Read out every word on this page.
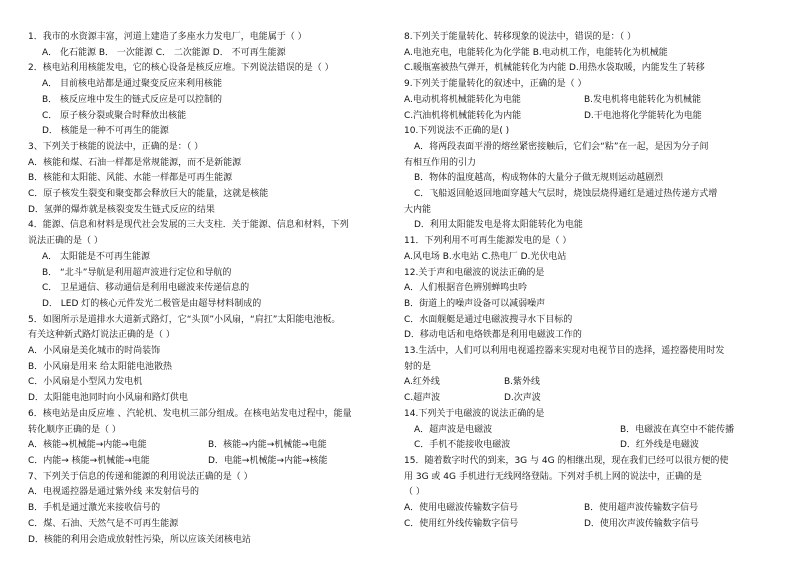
1．我市的水资源丰富，河道上建造了多座水力发电厂，电能属于（ ）
A． 化石能源 B． 一次能源 C． 二次能源 D． 不可再生能源
2．核电站利用核能发电，它的核心设备是核反应堆。下列说法错误的是（ ）
A． 目前核电站都是通过聚变反应来利用核能
B． 核反应堆中发生的链式反应是可以控制的
C． 原子核分裂或聚合时释放出核能
D． 核能是一种不可再生的能源
3、下列关于核能的说法中，正确的是：（ ）
A．核能和煤、石油一样都是常规能源，而不是新能源
B．核能和太阳能、风能、水能一样都是可再生能源
C．原子核发生裂变和聚变都会释放巨大的能量，这就是核能
D．氢弹的爆炸就是核裂变发生链式反应的结果
4．能源、信息和材料是现代社会发展的三大支柱．关于能源、信息和材料，下列
说法正确的是（ ）
A． 太阳能是不可再生能源
B． “北斗”导航是利用超声波进行定位和导航的
C． 卫星通信、移动通信是利用电磁波来传递信息的
D． LED 灯的核心元件发光二极管是由超导材料制成的
5．如图所示是道排水大道新式路灯，它“头顶”小风扇，“肩扛”太阳能电池板。
有关这种新式路灯说法正确的是（ ）
A．小风扇是美化城市的时尚装饰
B．小风扇是用来 给太阳能电池散热
C．小风扇是小型风力发电机
D．太阳能电池同时向小风扇和路灯供电
6．核电站是由反应堆 、汽轮机、发电机三部分组成。在核电站发电过程中，能量
转化顺序正确的是（ ）
A．核能→机械能→内能→电能	B．核能→内能→机械能→电能
C．内能→ 核能→机械能→电能	D．电能→机械能→内能→核能
7、下列关于信息的传递和能源的利用说法正确的是（ ）
A．电视遥控器是通过紫外线 来发射信号的
B．手机是通过激光来接收信号的
C．煤、石油、天然气是不可再生能源
D．核能的利用会造成放射性污染，所以应该关闭核电站
8.下列关于能量转化、转移现象的说法中，错误的是：（ ）
A.电池充电，电能转化为化学能 B.电动机工作，电能转化为机械能
C.暖瓶塞被热气弹开，机械能转化为内能 D.用热水袋取暖，内能发生了转移
9.下列关于能量转化的叙述中，正确的是（ ）
A.电动机将机械能转化为电能	B.发电机将电能转化为机械能
C.汽油机将机械能转化为内能	D.干电池将化学能转化为电能
10.下列说法不正确的是( )
A．将两段表面平滑的熔丝紧密接触后，它们会“粘”在一起，是因为分子间
有相互作用的引力
B．物体的温度越高，构成物体的大量分子做无规则运动越剧烈
C．飞船返回舱返回地面穿越大气层时，烧蚀层烧得通红是通过热传递方式增
大内能
D．利用太阳能发电是将太阳能转化为电能
11．下列利用不可再生能源发电的是（ ）
A.风电场 B.水电站 C.热电厂 D.光伏电站
12.关于声和电磁波的说法正确的是
A．人们根据音色辨别蝉鸣虫吟
B．街道上的噪声设备可以减弱噪声
C．水面舰艇是通过电磁波搜寻水下目标的
D．移动电话和电烙铁都是利用电磁波工作的
13.生活中，人们可以利用电视遥控器来实现对电视节目的选择，遥控器使用时发
射的是
A.红外线	B.紫外线
C.超声波	D.次声波
14.下列关于电磁波的说法正确的是
A．超声波是电磁波	B．电磁波在真空中不能传播
C．手机不能接收电磁波	D．红外线是电磁波
15．随着数字时代的到来，3G 与 4G 的相继出现，现在我们已经可以很方便的使
用 3G 或 4G 手机进行无线网络登陆。下列对手机上网的说法中，正确的是
（ ）
A．使用电磁波传输数字信号	B．使用超声波传输数字信号
C．使用红外线传输数字信号	D．使用次声波传输数字信号
